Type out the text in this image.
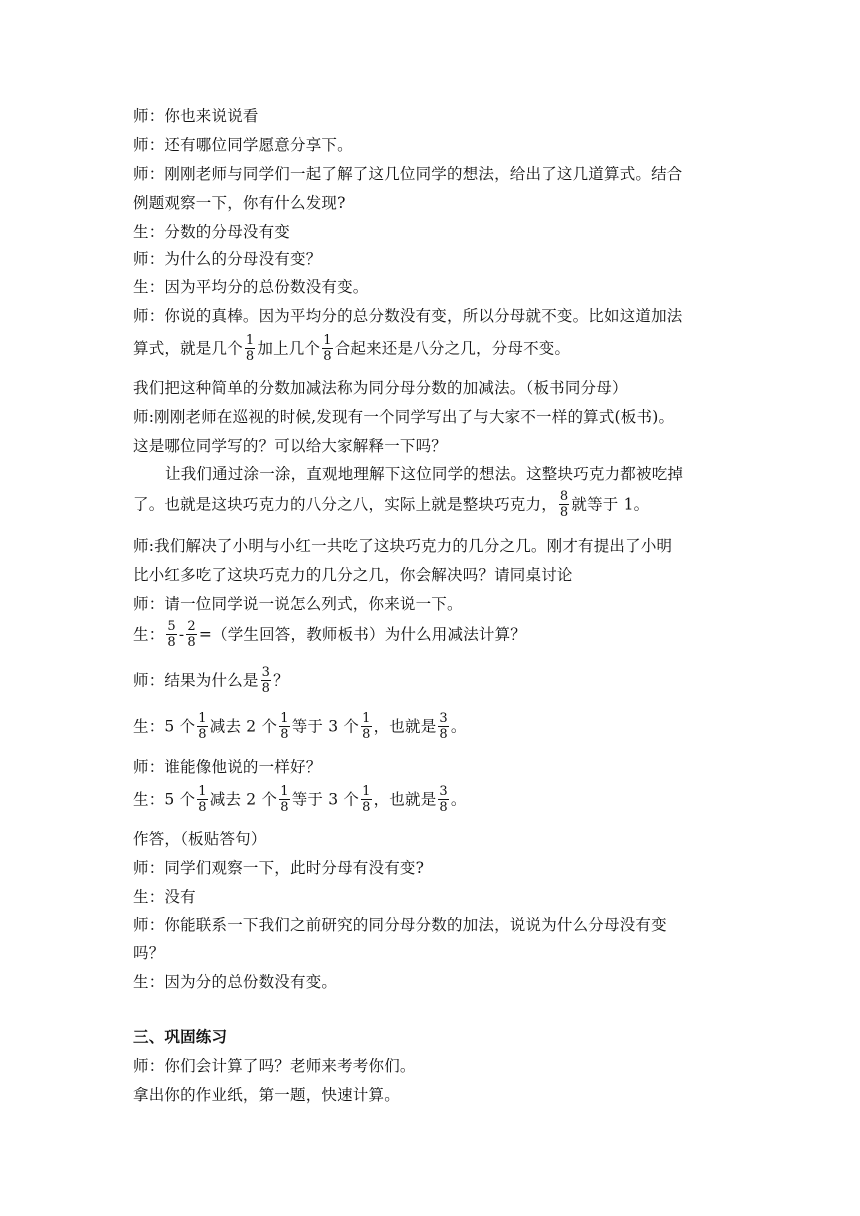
师：你也来说说看
师：还有哪位同学愿意分享下。
师：刚刚老师与同学们一起了解了这几位同学的想法，给出了这几道算式。结合
例题观察一下，你有什么发现?
生：分数的分母没有变
师：为什么的分母没有变？
生：因为平均分的总份数没有变。
师：你说的真棒。因为平均分的总分数没有变，所以分母就不变。比如这道加法
算式，就是几个 $\frac{1}{8}$ 加上几个 $\frac{1}{8}$ 合起来还是八分之几，分母不变。
我们把这种简单的分数加减法称为同分母分数的加减法。（板书同分母）
师:刚刚老师在巡视的时候,发现有一个同学写出了与大家不一样的算式(板书)。
这是哪位同学写的？可以给大家解释一下吗？
让我们通过涂一涂，直观地理解下这位同学的想法。这整块巧克力都被吃掉
了。也就是这块巧克力的八分之八，实际上就是整块巧克力， $\frac{8}{8}$ 就等于 1。
师:我们解决了小明与小红一共吃了这块巧克力的几分之几。刚才有提出了小明
比小红多吃了这块巧克力的几分之几，你会解决吗？请同桌讨论
师：请一位同学说一说怎么列式，你来说一下。
生： $\frac{5}{8} - \frac{2}{8}$ =（学生回答，教师板书）为什么用减法计算？
师：结果为什么是 $\frac{3}{8}$ ？
生：5 个 $\frac{1}{8}$ 减去 2 个 $\frac{1}{8}$ 等于 3 个 $\frac{1}{8}$ ，也就是 $\frac{3}{8}$ 。
师：谁能像他说的一样好？
生：5 个 $\frac{1}{8}$ 减去 2 个 $\frac{1}{8}$ 等于 3 个 $\frac{1}{8}$ ，也就是 $\frac{3}{8}$ 。
作答，（板贴答句）
师：同学们观察一下，此时分母有没有变?
生：没有
师：你能联系一下我们之前研究的同分母分数的加法，说说为什么分母没有变
吗？
生：因为分的总份数没有变。
三、巩固练习
师：你们会计算了吗？老师来考考你们。
拿出你的作业纸，第一题，快速计算。
